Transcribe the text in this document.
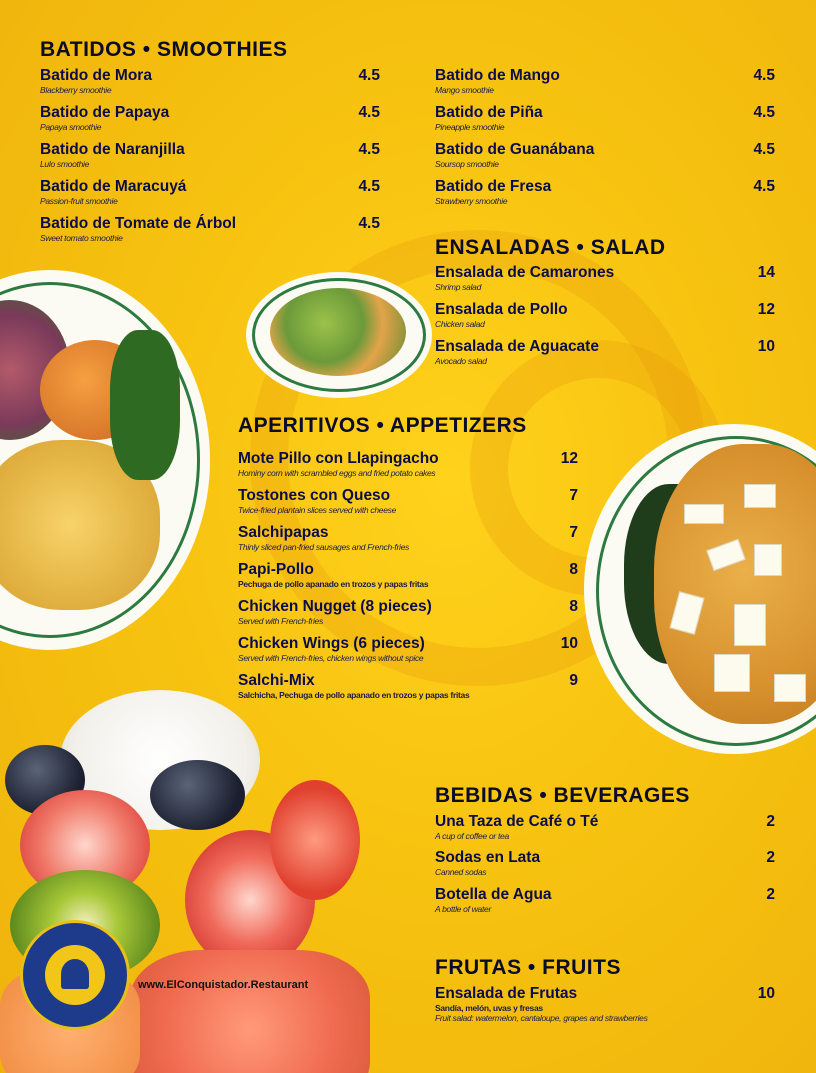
BATIDOS • SMOOTHIES
Batido de Mora
Blackberry smoothie
4.5
Batido de Papaya
Papaya smoothie
4.5
Batido de Naranjilla
Lulo smoothie
4.5
Batido de Maracuyá
Passion-fruit smoothie
4.5
Batido de Tomate de Árbol
Sweet tomato smoothie
4.5
Batido de Mango
Mango smoothie
4.5
Batido de Piña
Pineapple smoothie
4.5
Batido de Guanábana
Soursop smoothie
4.5
Batido de Fresa
Strawberry smoothie
4.5
ENSALADAS • SALAD
Ensalada de Camarones
Shrimp salad
14
Ensalada de Pollo
Chicken salad
12
Ensalada de Aguacate
Avocado salad
10
APERITIVOS • APPETIZERS
Mote Pillo con Llapingacho
Hominy corn with scrambled eggs and fried potato cakes
12
Tostones con Queso
Twice-fried plantain slices served with cheese
7
Salchipapas
Thinly sliced pan-fried sausages and French-fries
7
Papi-Pollo
Pechuga de pollo apanado en trozos y papas fritas
8
Chicken Nugget (8 pieces)
Served with French-fries
8
Chicken Wings (6 pieces)
Served with French-fries, chicken wings without spice
10
Salchi-Mix
Salchicha, Pechuga de pollo apanado en trozos y papas fritas
9
www.ElConquistador.Restaurant
BEBIDAS • BEVERAGES
Una Taza de Café o Té
A cup of coffee or tea
2
Sodas en Lata
Canned sodas
2
Botella de Agua
A bottle of water
2
FRUTAS • FRUITS
Ensalada de Frutas
Sandía, melón, uvas y fresas
Fruit salad: watermelon, cantaloupe, grapes and strawberries
10
